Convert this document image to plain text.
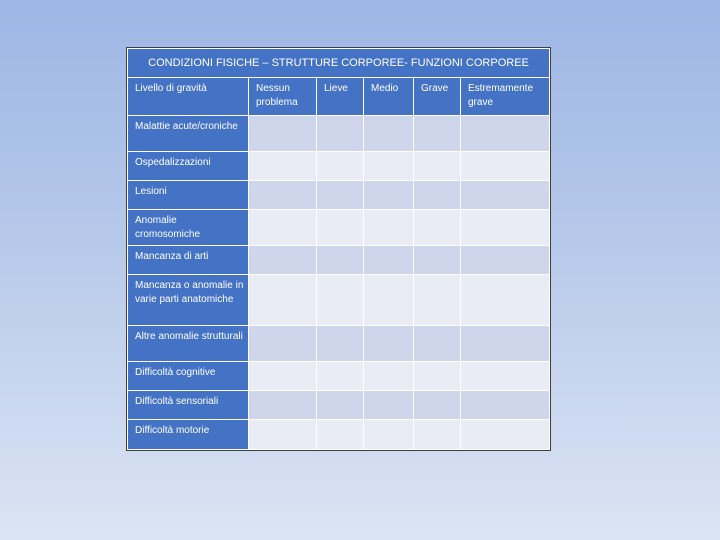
CONDIZIONI FISICHE – STRUTTURE CORPOREE- FUNZIONI CORPOREE					
Livello di gravità	Nessun problema	Lieve	Medio	Grave	Estremamente grave
Malattie acute/croniche					
Ospedalizzazioni					
Lesioni					
Anomalie cromosomiche					
Mancanza di arti					
Mancanza o anomalie in varie parti anatomiche					
Altre anomalie strutturali					
Difficoltà cognitive					
Difficoltà sensoriali					
Difficoltà motorie					
